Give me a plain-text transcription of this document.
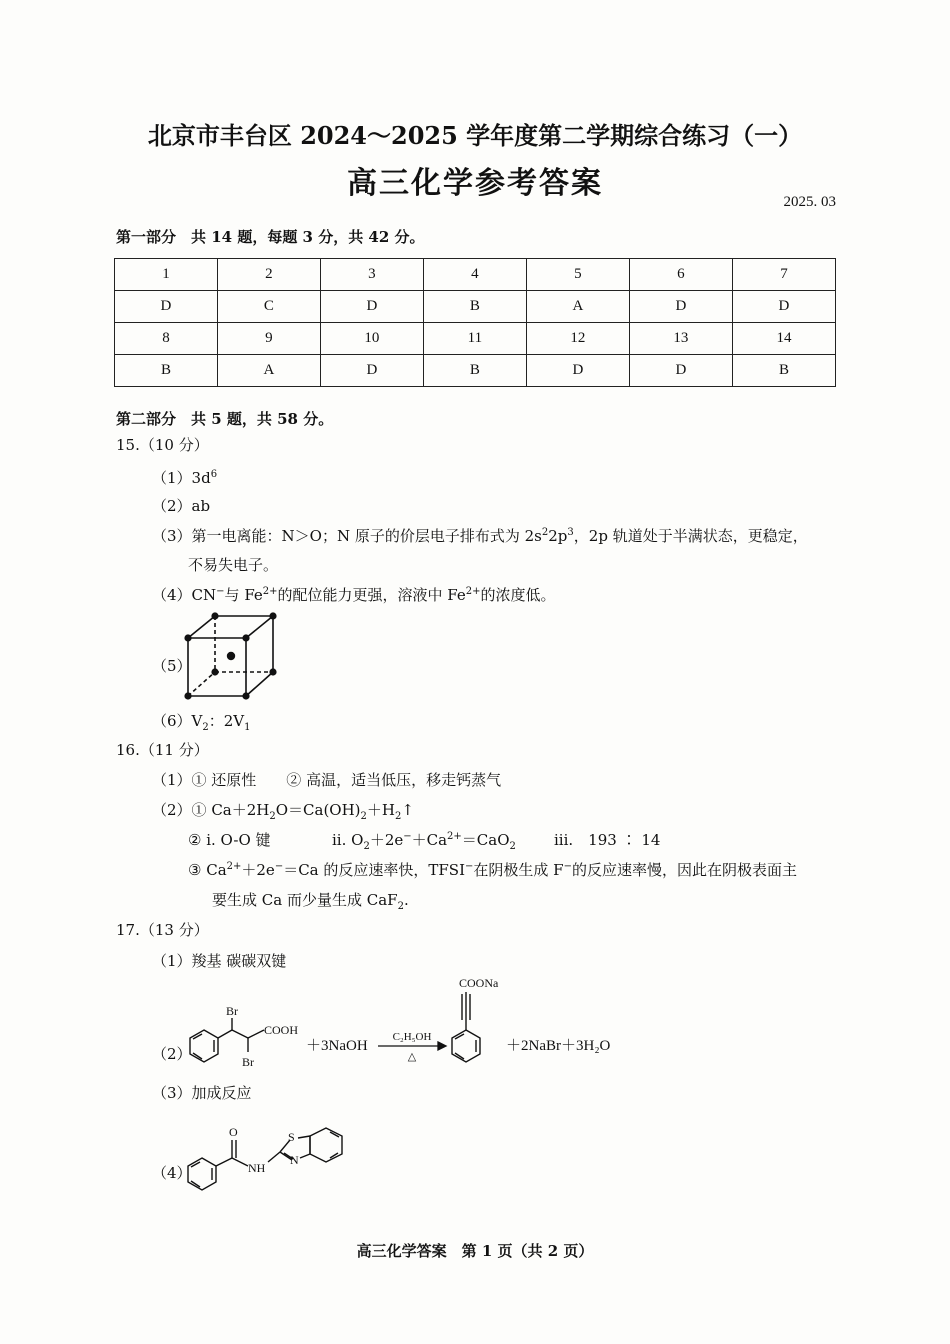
北京市丰台区 2024～2025 学年度第二学期综合练习（一）
高三化学参考答案
2025. 03
第一部分　共 14 题，每题 3 分，共 42 分。
1	2	3	4	5	6	7
D	C	D	B	A	D	D
8	9	10	11	12	13	14
B	A	D	B	D	D	B
第二部分　共 5 题，共 58 分。
15.（10 分）
$(1)3d^6$
（2）ab
（3）第一电离能：N＞O；N 原子的价层电子排布式为 $2s^22p^3$，2p 轨道处于半满状态，更稳定，
不易失电子。
（4）CN−与 $Fe^{2+}$的配位能力更强，溶液中 $Fe^{2+}$的浓度低。
（5）
$(6)V_2$：$2V_1$
16.（11 分）
（1）① 还原性　　② 高温，适当低压，移走钙蒸气
（2）① $Ca+2H_2O=Ca(OH)_2+H_2↑$
② i. O-O 键	ii. $O_2+2e^-+Ca^{2+}=CaO_2$	iii.　193 ∶ 14
③ $Ca^{2+}+2e^-=Ca$ 的反应速率快，TFSI−在阴极生成 F−的反应速率慢，因此在阴极表面主
要生成 Ca 而少量生成 CaF$_2$.
17.（13 分）
（1）羧基 碳碳双键
（2）
Br
Br
COOH
＋3NaOH
C₂H₅OH
△
COONa
＋2NaBr＋3H₂O
（3）加成反应
（4）
O
NH
S
N
高三化学答案　第 1 页（共 2 页）
